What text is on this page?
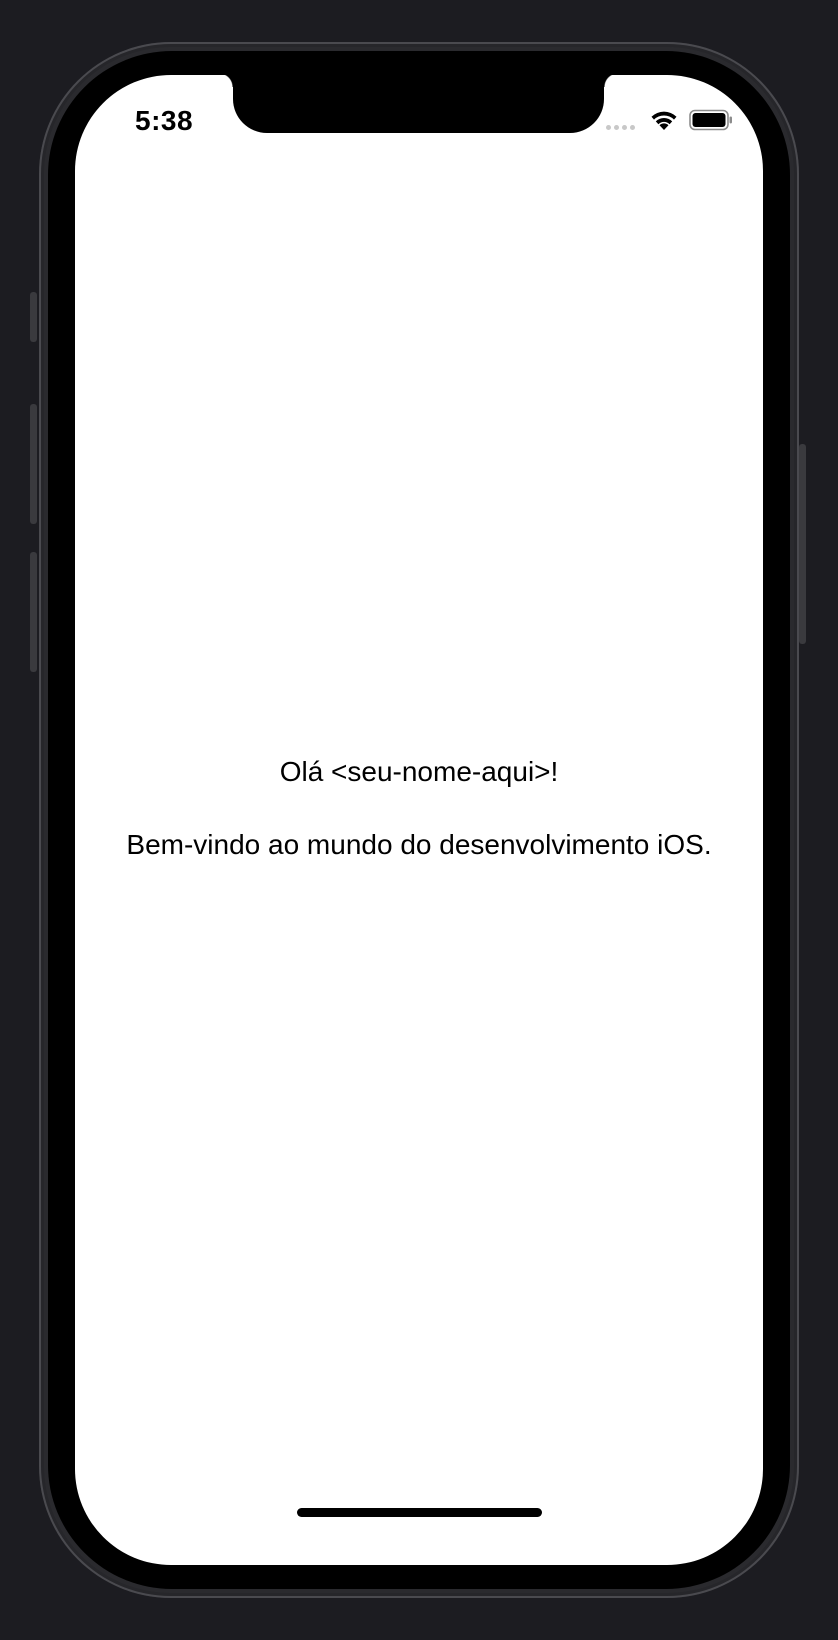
5:38
Olá <seu-nome-aqui>!
Bem-vindo ao mundo do desenvolvimento iOS.
